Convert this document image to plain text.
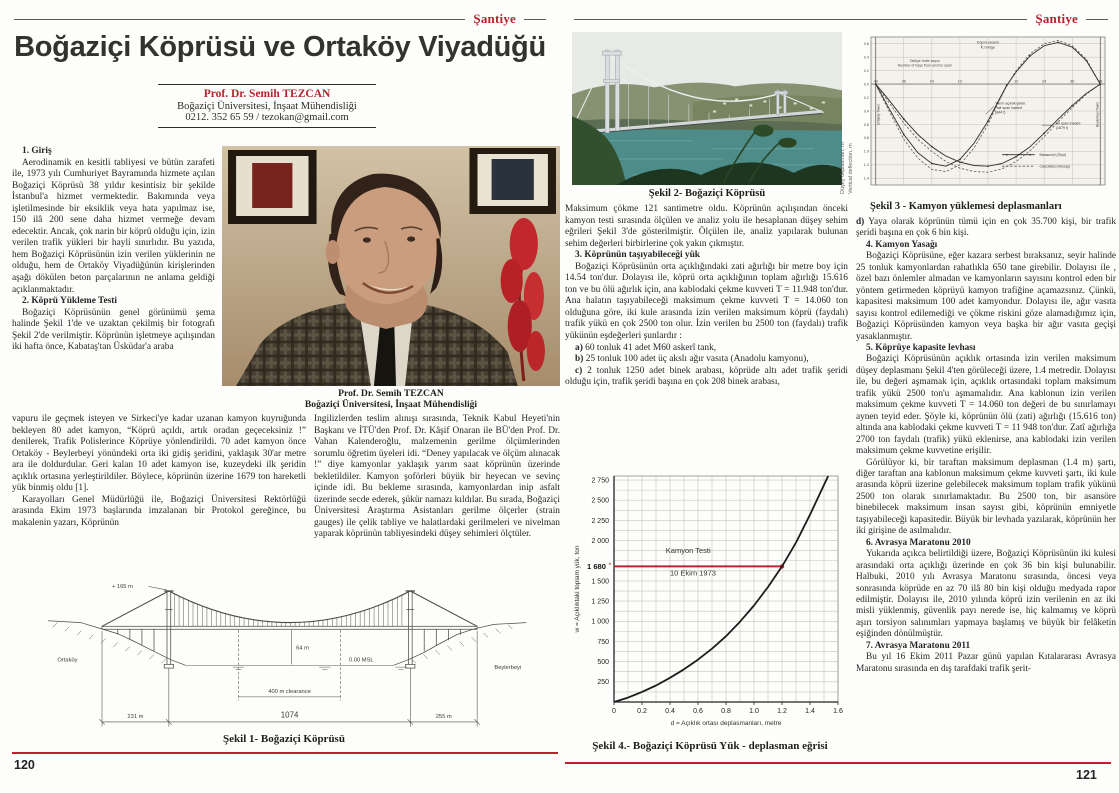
Şantiye
Boğaziçi Köprüsü ve Ortaköy Viyadüğü
Prof. Dr. Semih TEZCAN
Boğaziçi Üniversitesi, İnşaat Mühendisliği
0212. 352 65 59 / tezokan@gmail.com

1. Giriş

Aerodinamik en kesitli tabliyesi ve bütün zarafeti ile, 1973 yılı Cumhuriyet Bayramında hizmete açılan Boğaziçi Köprüsü 38 yıldır kesintisiz bir şekilde İstanbul'a hizmet vermektedir. Bakımında veya işletilmesinde bir eksiklik veya hata yapılmaz ise, 150 ilâ 200 sene daha hizmet vermeğe devam edecektir. Ancak, çok narin bir köprü olduğu için, izin verilen trafik yükleri bir hayli sınırlıdır. Bu yazıda, hem Boğaziçi Köprüsünün izin verilen yüklerinin ne olduğu, hem de Ortaköy Viyadüğünün kirişlerinden aşağı dökülen beton parçalarının ne anlama geldiği açıklanmaktadır.

2. Köprü Yükleme Testi

Boğaziçi Köprüsünün genel görünümü şema halinde Şekil 1'de ve uzaktan çekilmiş bir fotografı Şekil 2'de verilmiştir. Köprünün işletmeye açılışından iki hafta önce, Kabataş'tan Üsküdar'a araba

Prof. Dr. Semih TEZCAN
Boğaziçi Üniversitesi, İnşaat Mühendisliği

vapuru ile geçmek isteyen ve Sirkeci'ye kadar uzanan kamyon kuyruğunda bekleyen 80 adet kamyon, “Köprü açıldı, artık oradan geçeceksiniz !” denilerek, Trafik Polislerince Köprüye yönlendirildi. 70 adet kamyon önce Ortaköy - Beylerbeyi yönündeki orta iki gidiş şeridini, yaklaşık 30'ar metre ara ile doldurdular. Geri kalan 10 adet kamyon ise, kuzeydeki ilk şeridin açıklık ortasına yerleştirildiler. Böylece, köprünün üzerine 1679 ton hareketli yük binmiş oldu [1].

Karayolları Genel Müdürlüğü ile, Boğaziçi Üniversitesi Rektörlüğü arasında Ekim 1973 başlarında imzalanan bir Protokol gereğince, bu makalenin yazarı, Köprünün

İngilizlerden teslim alınışı sırasında, Teknik Kabul Heyeti'nin Başkanı ve İTÜ'den Prof. Dr. Kâşif Onaran ile BÜ'den Prof. Dr. Vahan Kalenderoğlu, malzemenin gerilme ölçümlerinden sorumlu öğretim üyeleri idi. “Deney yapılacak ve ölçüm alınacak !” diye kamyonlar yaklaşık yarım saat köprünün üzerinde bekletildiler. Kamyon şoförleri büyük bir heyecan ve sevinç içinde idi. Bu bekleme sırasında, kamyonlardan inip asfalt üzerinde secde ederek, şükür namazı kıldılar. Bu sırada, Boğaziçi Üniversitesi Araştırma Asistanları gerilme ölçerler (strain gauges) ile çelik tabliye ve halatlardaki gerilmeleri ve nivelman yaparak köprünün tabliyesindeki düşey sehimleri ölçtüler.

+ 165 m
Ortaköy
Beylerbeyi
64 m
0.00 MSL
400 m clearance
231 m	1074	255 m
Şekil 1- Boğaziçi Köprüsü
120
Şantiye
Şekil 2- Boğaziçi Köprüsü

Maksimum çökme 121 santimetre oldu. Köprünün açılışından önceki kamyon testi sırasında ölçülen ve analiz yolu ile hesaplanan düşey sehim eğrileri Şekil 3'de gösterilmiştir. Ölçülen ile, analiz yapılarak bulunan sehim değerleri birbirlerine çok yakın çıkmıştır.

3. Köprünün taşıyabileceği yük

Boğaziçi Köprüsünün orta açıklığındaki zati ağırlığı bir metre boy için 14.54 ton'dur. Dolayısı ile, köprü orta açıklığının toplam ağırlığı 15.616 ton ve bu ölü ağırlık için, ana kablodaki çekme kuvveti T = 11.948 ton'dur. Ana halatın taşıyabileceği maksimum çekme kuvveti T = 14.060 ton olduğuna göre, iki kule arasında izin verilen maksimum köprü (faydalı) trafik yükü en çok 2500 ton olur. İzin verilen bu 2500 ton (faydalı) trafik yükünün eşdeğerleri şunlardır :

a) 60 tonluk 41 adet M60 askerî tank,

b) 25 tonluk 100 adet üç akslı ağır vasıta (Anadolu kamyonu),

c) 2 tonluk 1250 adet binek arabası, köprüde altı adet trafik şeridi olduğu için, trafik şeridi başına en çok 208 binek arabası,

250
500
750
1 000
1 250
1 500
2 000
2 250
2 500
2 750
0	0.2	0.4	0.6	0.8	1.0	1.2	1.4	1.6
w = Açıklıktaki toplam yük, ton
d = Açıklık ortası deplasmanları, metre
1 680 *
Kamyon Testi
10 Ekim 1973
Şekil 4.- Boğaziçi Köprüsü Yük - deplasman eğrisi
Düşey deplasman, m Vertical deflection, m
0.6
0.4
0.2
0.0
0.2
0.4
0.6
0.8
1.0
1.2
1.4
48	36	24	12	12	24	36	48
Köprü ekseni
℄ bridge
Tabliye ünite sayısı
Number of bays from anchor span
Yarım açıklık yüklü
Half span loaded
(844 t)
All span loaded
(1679 t)
Ortaköy Tower	Beylerbeyi Tower
Measured (Ölçü)
Calculated (Hesap)
Şekil 3 - Kamyon yüklemesi deplasmanları

d) Yaya olarak köprünün tümü için en çok 35.700 kişi, bir trafik şeridi başına en çok 6 bin kişi.

4. Kamyon Yasağı

Boğaziçi Köprüsüne, eğer kazara serbest bıraksanız, seyir halinde 25 tonluk kamyonlardan rahatlıkla 650 tane girebilir. Dolayısı ile , özel bazı önlemler almadan ve kamyonların sayısını kontrol eden bir yöntem getirmeden köprüyü kamyon trafiğine açamazsınız. Çünkü, kapasitesi maksimum 100 adet kamyondur. Dolayısı ile, ağır vasıta sayısı kontrol edilemediği ve çökme riskini göze alamadığımız için, Boğaziçi Köprüsünden kamyon veya başka bir ağır vasıta geçişi yasaklanmıştır.

5. Köprüye kapasite levhası

Boğaziçi Köprüsünün açıklık ortasında izin verilen maksimum düşey deplasmanı Şekil 4'ten görüleceği üzere, 1.4 metredir. Dolayısı ile, bu değeri aşmamak için, açıklık ortasındaki toplam maksimum trafik yükü 2500 ton'u aşmamalıdır. Ana kablonun izin verilen maksimum çekme kuvveti T = 14.060 ton değeri de bu sınırlamayı aynen teyid eder. Şöyle ki, köprünün ölü (zati) ağırlığı (15.616 ton) altında ana kablodaki çekme kuvveti T = 11 948 ton'dur. Zatî ağırlığa 2700 ton faydalı (trafik) yükü eklenirse, ana kablodaki izin verilen maksimum çekme kuvvetine erişilir.

Görülüyor ki, bir taraftan maksimum deplasman (1.4 m) şartı, diğer taraftan ana kablonun maksimum çekme kuvveti şartı, iki kule arasında köprü üzerine gelebilecek maksimum toplam trafik yükünü 2500 ton olarak sınırlamaktadır. Bu 2500 ton, bir asansöre binebilecek maksimum insan sayısı gibi, köprünün emniyetle taşıyabileceği kapasitedir. Büyük bir levhada yazılarak, köprünün her iki girişine de asılmalıdır.

6. Avrasya Maratonu 2010

Yukarıda açıkca belirtildiği üzere, Boğaziçi Köprüsünün iki kulesi arasındaki orta açıklığı üzerinde en çok 36 bin kişi bulunabilir. Halbuki, 2010 yılı Avrasya Maratonu sırasında, öncesi veya sonrasında köprüde en az 70 ilâ 80 bin kişi olduğu medyada rapor edilmiştir. Dolayısı ile, 2010 yılında köprü izin verilenin en az iki misli yüklenmiş, güvenlik payı nerede ise, hiç kalmamış ve köprü aşırı torsiyon salınımları yapmaya başlamış ve büyük bir felâketin eşiğinden dönülmüştür.

7. Avrasya Maratonu 2011

Bu yıl 16 Ekim 2011 Pazar günü yapılan Kıtalararası Avrasya Maratonu sırasında en dış tarafdaki trafik şerit-

121
